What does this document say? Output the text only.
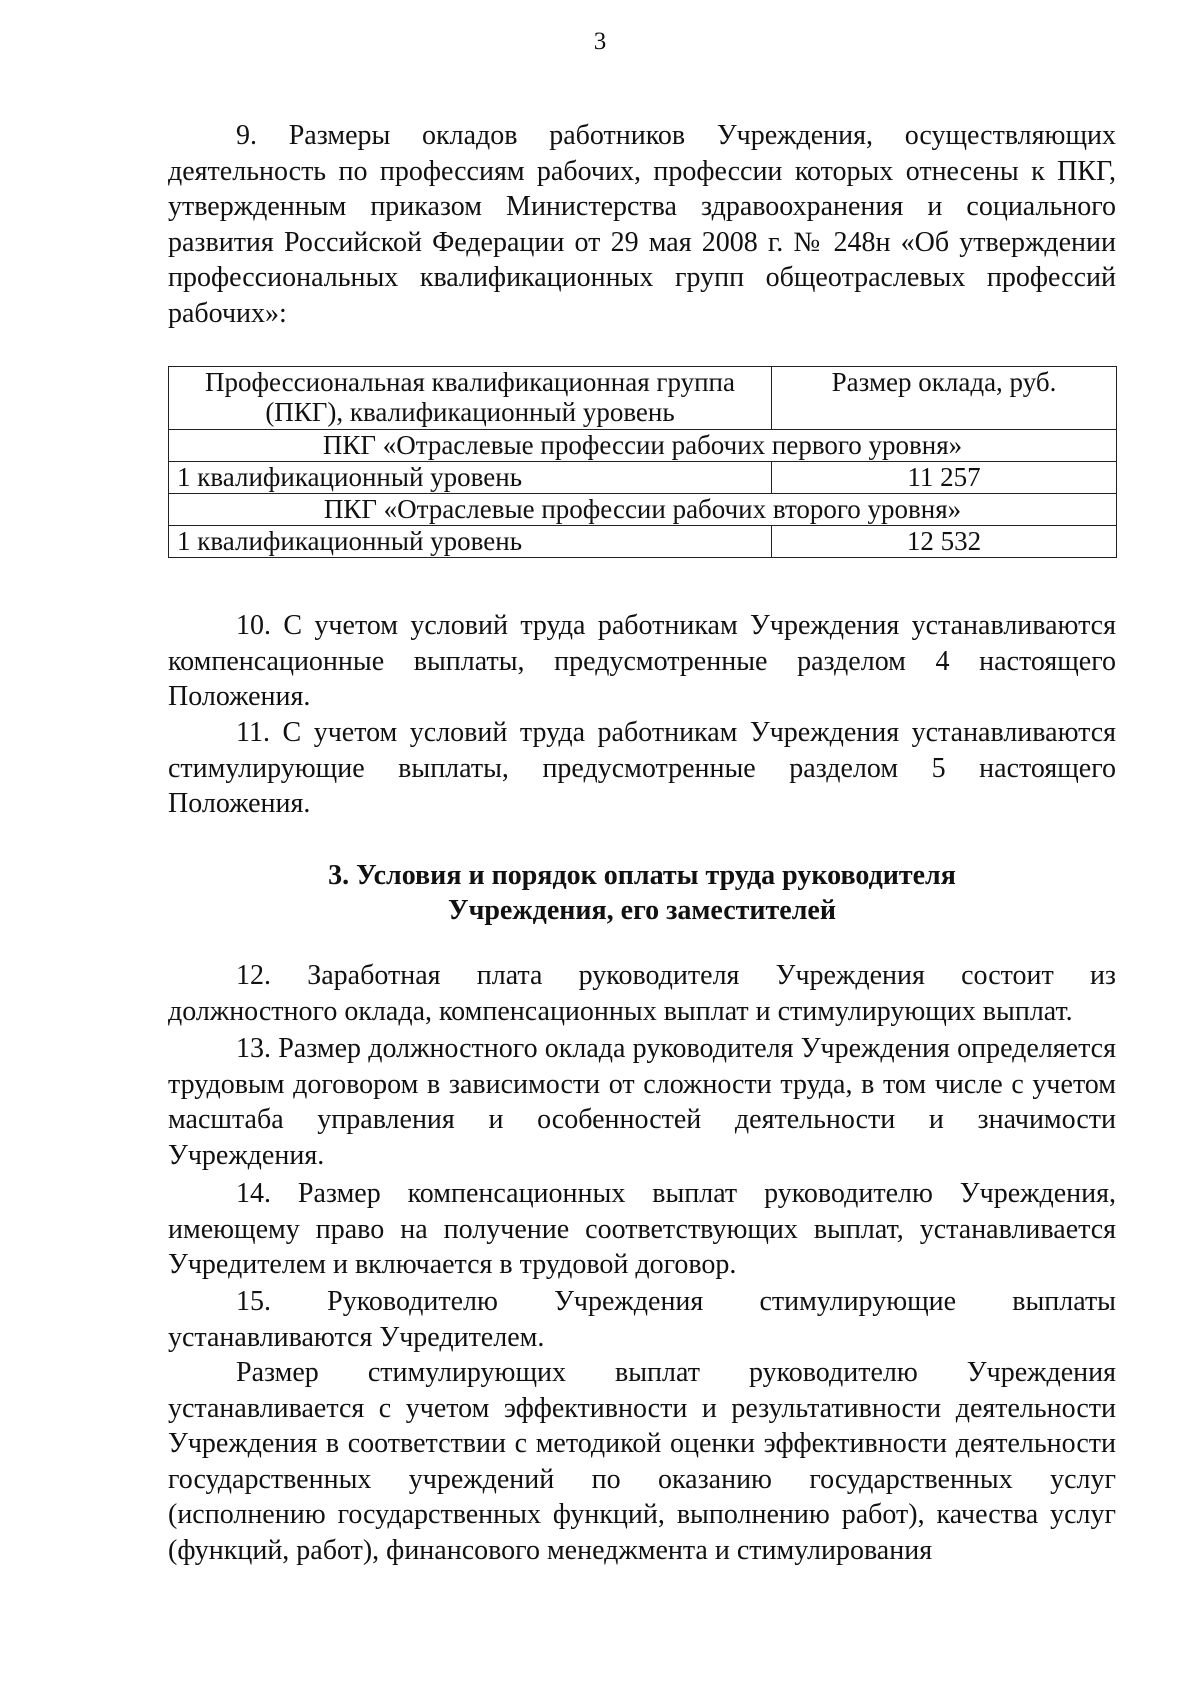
3

9. Размеры окладов работников Учреждения, осуществляющих деятельность по профессиям рабочих, профессии которых отнесены к ПКГ, утвержденным приказом Министерства здравоохранения и социального развития Российской Федерации от 29 мая 2008 г. № 248н «Об утверждении профессиональных квалификационных групп общеотраслевых профессий рабочих»:

Профессиональная квалификационная группа (ПКГ), квалификационный уровень	Размер оклада, руб.
ПКГ «Отраслевые профессии рабочих первого уровня»	
1 квалификационный уровень	11 257
ПКГ «Отраслевые профессии рабочих второго уровня»	
1 квалификационный уровень	12 532

10. С учетом условий труда работникам Учреждения устанавливаются компенсационные выплаты, предусмотренные разделом 4 настоящего Положения.

11. С учетом условий труда работникам Учреждения устанавливаются стимулирующие выплаты, предусмотренные разделом 5 настоящего Положения.

3. Условия и порядок оплаты труда руководителя
Учреждения, его заместителей

12. Заработная плата руководителя Учреждения состоит из должностного оклада, компенсационных выплат и стимулирующих выплат.

13. Размер должностного оклада руководителя Учреждения определяется трудовым договором в зависимости от сложности труда, в том числе с учетом масштаба управления и особенностей деятельности и значимости Учреждения.

14. Размер компенсационных выплат руководителю Учреждения, имеющему право на получение соответствующих выплат, устанавливается Учредителем и включается в трудовой договор.

15. Руководителю Учреждения стимулирующие выплаты устанавливаются Учредителем.

Размер стимулирующих выплат руководителю Учреждения устанавливается с учетом эффективности и результативности деятельности Учреждения в соответствии с методикой оценки эффективности деятельности государственных учреждений по оказанию государственных услуг (исполнению государственных функций, выполнению работ), качества услуг (функций, работ), финансового менеджмента и стимулирования
